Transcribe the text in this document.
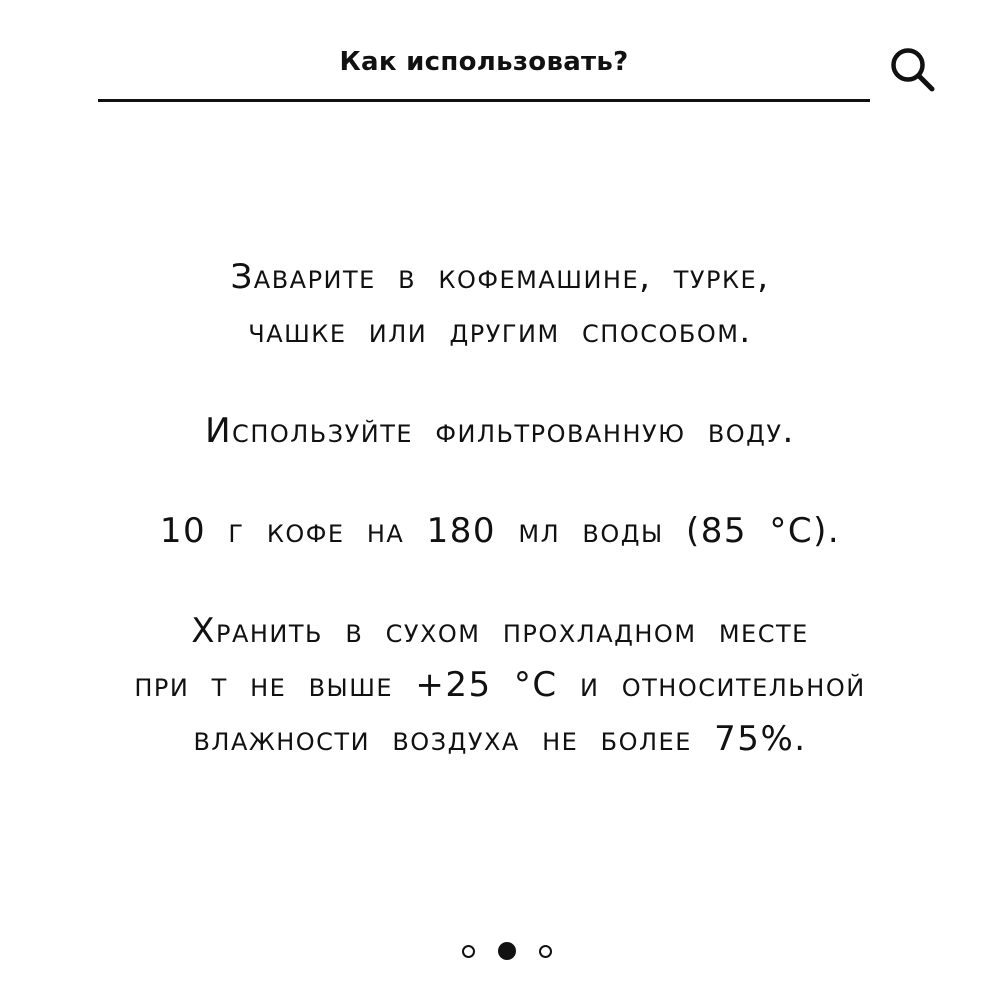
Как использовать?

Заварите в кофемашине, турке,
чашке или другим способом.

Используйте фильтрованную воду.

10 г кофе на 180 мл воды (85 °С).

Хранить в сухом прохладном месте
при т не выше +25 °С и относительной
влажности воздуха не более 75%.
